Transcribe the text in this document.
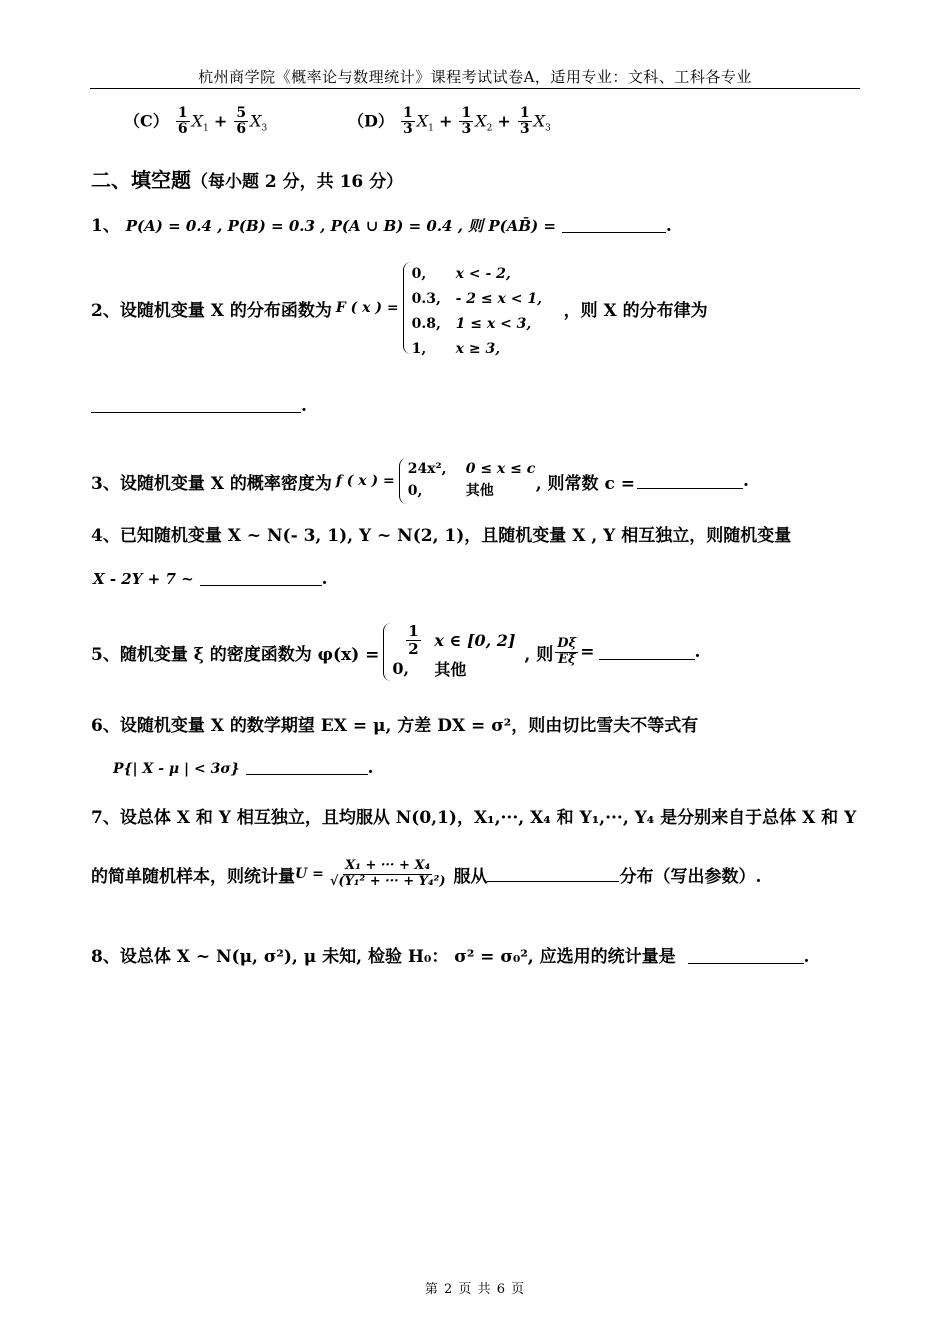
杭州商学院《概率论与数理统计》课程考试试卷A，适用专业：文科、工科各专业
$(C) \frac{1}{6} X_1 + \frac{5}{6} X_3$	$(D) \frac{1}{3} X_1 + \frac{1}{3} X_2 + \frac{1}{3} X_3$
二、填空题（每小题 2 分，共 16 分）
1、 P(A) = 0.4 , P(B) = 0.3 , P(A ∪ B) = 0.4 , 则 P(AB̄) =	.
2、设随机变量 X 的分布函数为 F ( x ) =
0,	x < - 2,
0.3,	- 2 ≤ x < 1,
0.8,	1 ≤ x < 3,
1,	x ≥ 3,
，则 X 的分布律为
.
3、设随机变量 X 的概率密度为 f ( x ) =
24x²,	0 ≤ x ≤ c
0,	其他	, 则常数 c =	.
4、已知随机变量 X ~ N(- 3, 1), Y ~ N(2, 1)，且随机变量 X , Y 相互独立，则随机变量
X - 2Y + 7 ~	.
5、随机变量 ξ 的密度函数为 $\varphi(x) = \frac{1}{2}$ x ∈ [0, 2]
0,	其他
, 则 $\frac{D\xi}{E\xi}$ =	.
6、设随机变量 X 的数学期望 EX = μ, 方差 DX = σ²，则由切比雪夫不等式有
P{| X - μ | < 3σ}	.
7、设总体 X 和 Y 相互独立，且均服从 N(0,1)，X₁,···, X₄ 和 Y₁,···, Y₄ 是分别来自于总体 X 和 Y
的简单随机样本，则统计量 $U = \frac{\text{X₁ + ··· + X₄}}{\text{√(Y₁² + ··· + Y₄²)}}$ 服从	分布（写出参数）.
8、设总体 X ~ N(μ, σ²), μ 未知, 检验 H₀： σ² = σ₀², 应选用的统计量是	.
第 2 页 共 6 页
